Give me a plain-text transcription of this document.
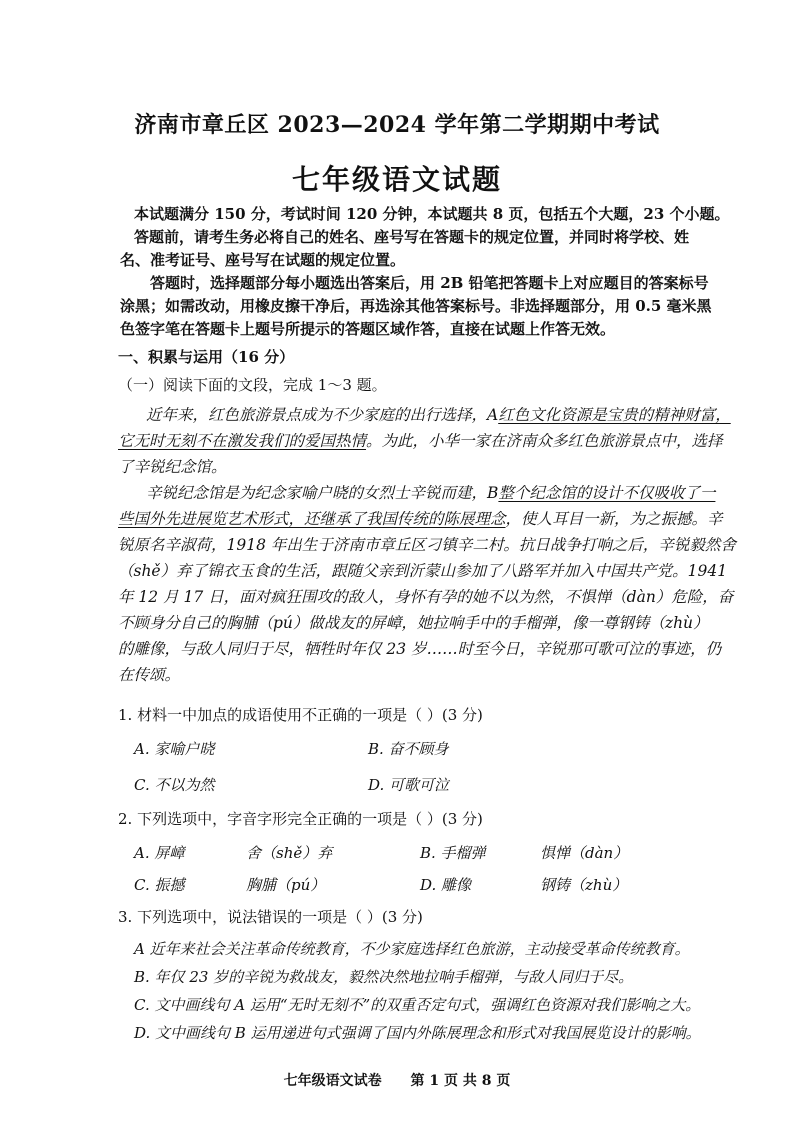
济南市章丘区 2023—2024 学年第二学期期中考试
七年级语文试题
本试题满分 150 分，考试时间 120 分钟，本试题共 8 页，包括五个大题，23 个小题。
答题前，请考生务必将自己的姓名、座号写在答题卡的规定位置，并同时将学校、姓
名、准考证号、座号写在试题的规定位置。
答题时，选择题部分每小题选出答案后，用 2B 铅笔把答题卡上对应题目的答案标号
涂黑；如需改动，用橡皮擦干净后，再选涂其他答案标号。非选择题部分，用 0.5 毫米黑
色签字笔在答题卡上题号所提示的答题区域作答，直接在试题上作答无效。
一、积累与运用（16 分）
（一）阅读下面的文段，完成 1～3 题。
近年来，红色旅游景点成为不少家庭的出行选择，A红色文化资源是宝贵的精神财富，
它无时无刻不在激发我们的爱国热情。为此，小华一家在济南众多红色旅游景点中，选择
了辛锐纪念馆。
辛锐纪念馆是为纪念家喻户晓的女烈士辛锐而建，B整个纪念馆的设计不仅吸收了一
些国外先进展览艺术形式，还继承了我国传统的陈展理念，使人耳目一新，为之振撼。辛
锐原名辛淑荷，1918 年出生于济南市章丘区刁镇辛二村。抗日战争打响之后，辛锐毅然舍
（shě）弃了锦衣玉食的生活，跟随父亲到沂蒙山参加了八路军并加入中国共产党。1941
年 12 月 17 日，面对疯狂围攻的敌人，身怀有孕的她不以为然，不惧惮（dàn）危险，奋
不顾身分自己的胸脯（pú）做战友的屏嶂，她拉响手中的手榴弹，像一尊钢铸（zhù）
的雕像，与敌人同归于尽，牺牲时年仅 23 岁……时至今日，辛锐那可歌可泣的事迹，仍
在传颂。
1. 材料一中加点的成语使用不正确的一项是（ ）(3 分)
A. 家喻户晓	B. 奋不顾身
C. 不以为然	D. 可歌可泣
2. 下列选项中，字音字形完全正确的一项是（ ）(3 分)
A. 屏嶂	舍（shě）弃	B. 手榴弹	惧惮（dàn）
C. 振撼	胸脯（pú）	D. 雕像	钢铸（zhù）
3. 下列选项中，说法错误的一项是（ ）(3 分)
A 近年来社会关注革命传统教育，不少家庭选择红色旅游，主动接受革命传统教育。
B. 年仅 23 岁的辛锐为救战友，毅然决然地拉响手榴弹，与敌人同归于尽。
C. 文中画线句 A 运用“无时无刻不”的双重否定句式，强调红色资源对我们影响之大。
D. 文中画线句 B 运用递进句式强调了国内外陈展理念和形式对我国展览设计的影响。
七年级语文试卷 第 1 页 共 8 页
